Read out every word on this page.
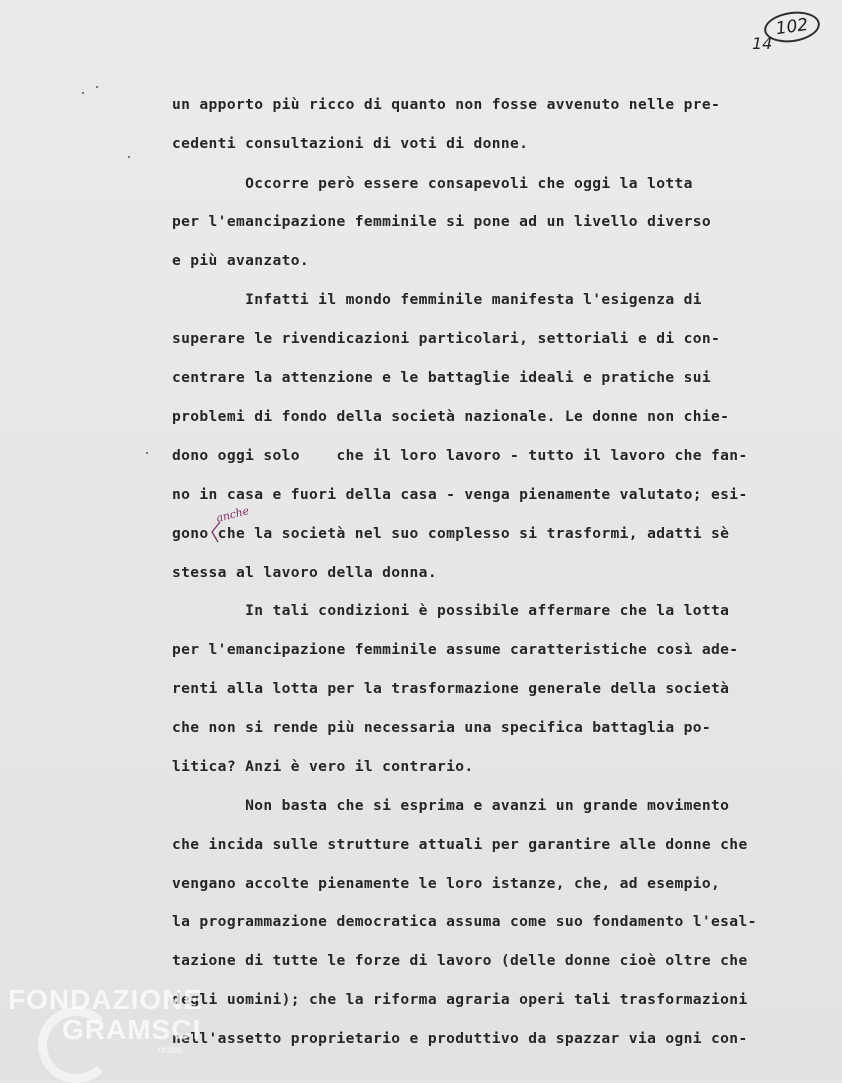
102
14
un apporto più ricco di quanto non fosse avvenuto nelle pre-
cedenti consultazioni di voti di donne.
Occorre però essere consapevoli che oggi la lotta
per l'emancipazione femminile si pone ad un livello diverso
e più avanzato.
Infatti il mondo femminile manifesta l'esigenza di
superare le rivendicazioni particolari, settoriali e di con-
centrare la attenzione e le battaglie ideali e pratiche sui
problemi di fondo della società nazionale. Le donne non chie-
dono oggi solo    che il loro lavoro - tutto il lavoro che fan-
no in casa e fuori della casa - venga pienamente valutato; esi-
gono che la società nel suo complesso si trasformi, adatti sè
stessa al lavoro della donna.
In tali condizioni è possibile affermare che la lotta
per l'emancipazione femminile assume caratteristiche così ade-
renti alla lotta per la trasformazione generale della società
che non si rende più necessaria una specifica battaglia po-
litica? Anzi è vero il contrario.
Non basta che si esprima e avanzi un grande movimento
che incida sulle strutture attuali per garantire alle donne che
vengano accolte pienamente le loro istanze, che, ad esempio,
la programmazione democratica assuma come suo fondamento l'esal-
tazione di tutte le forze di lavoro (delle donne cioè oltre che
degli uomini); che la riforma agraria operi tali trasformazioni
nell'assetto proprietario e produttivo da spazzar via ogni con-
anche
FONDAZIONE
GRAMSCI
onlus
